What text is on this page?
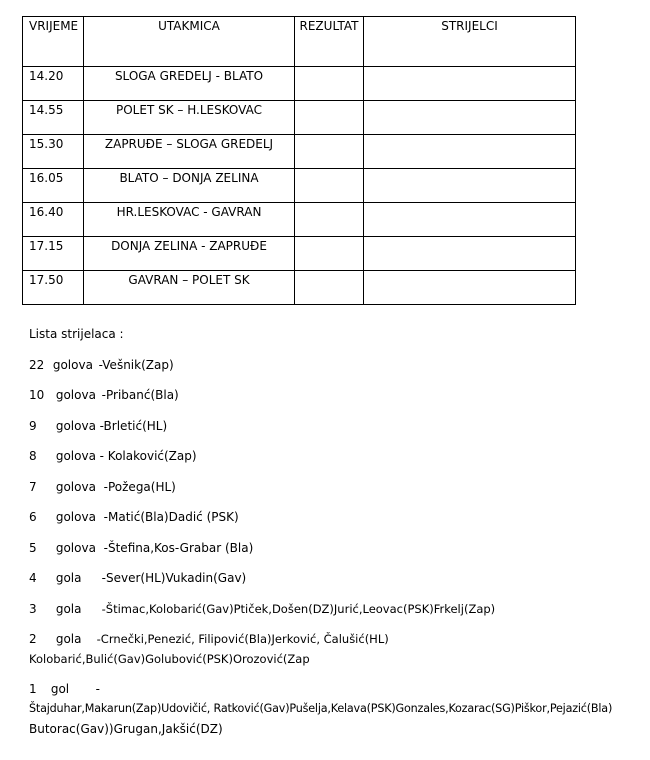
VRIJEME	UTAKMICA	REZULTAT	STRIJELCI
14.20	SLOGA GREDELJ - BLATO		
14.55	POLET SK – H.LESKOVAC		
15.30	ZAPRUĐE – SLOGA GREDELJ		
16.05	BLATO – DONJA ZELINA		
16.40	HR.LESKOVAC - GAVRAN		
17.15	DONJA ZELINA - ZAPRUĐE		
17.50	GAVRAN – POLET SK		
Lista strijelaca :
22 golova -Vešnik(Zap)
10 golova -Pribanć(Bla)
9 golova -Brletić(HL)
8 golova - Kolaković(Zap)
7 golova -Požega(HL)
6 golova -Matić(Bla)Dadić (PSK)
5 golova -Štefina,Kos-Grabar (Bla)
4 gola -Sever(HL)Vukadin(Gav)
3 gola -Štimac,Kolobarić(Gav)Ptiček,Došen(DZ)Jurić,Leovac(PSK)Frkelj(Zap)
2 gola -Crnečki,Penezić, Filipović(Bla)Jerković, Čalušić(HL)
Kolobarić,Bulić(Gav)Golubović(PSK)Orozović(Zap
1 gol -
Štajduhar,Makarun(Zap)Udovičić, Ratković(Gav)Pušelja,Kelava(PSK)Gonzales,Kozarac(SG)Piškor,Pejazić(Bla)
Butorac(Gav))Grugan,Jakšić(DZ)
